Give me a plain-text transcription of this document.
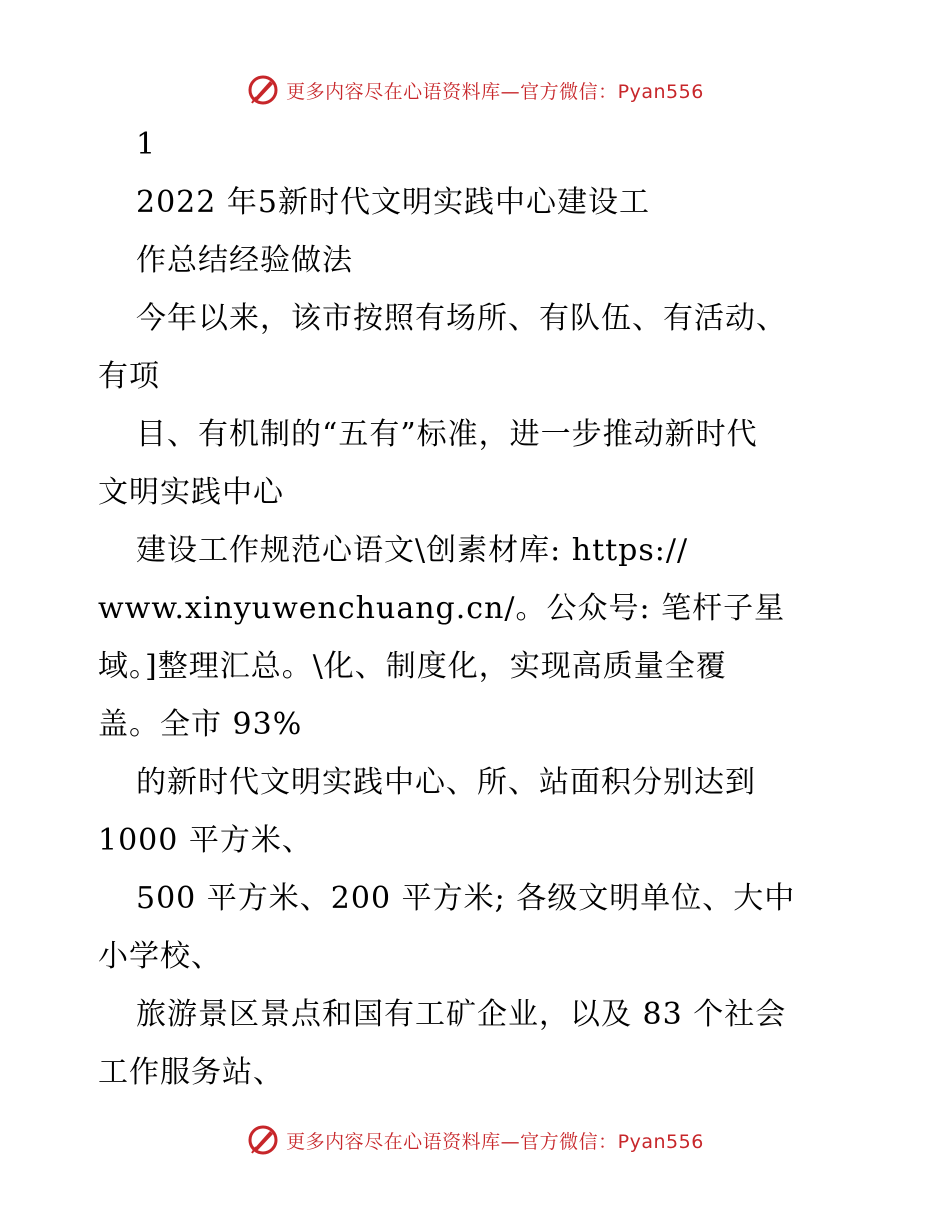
更多内容尽在心语资料库—官方微信：Pyan556
1
2022 年5新时代文明实践中心建设工
作总结经验做法
今年以来，该市按照有场所、有队伍、有活动、
有项
目、有机制的“五有”标准，进一步推动新时代
文明实践中心
建设工作规范心语文\创素材库: https://
www.xinyuwenchuang.cn/。公众号: 笔杆子星
域。]整理汇总。\化、制度化，实现高质量全覆
盖。全市 93%
的新时代文明实践中心、所、站面积分别达到
1000 平方米、
500 平方米、200 平方米; 各级文明单位、大中
小学校、
旅游景区景点和国有工矿企业，以及 83 个社会
工作服务站、
更多内容尽在心语资料库—官方微信：Pyan556
